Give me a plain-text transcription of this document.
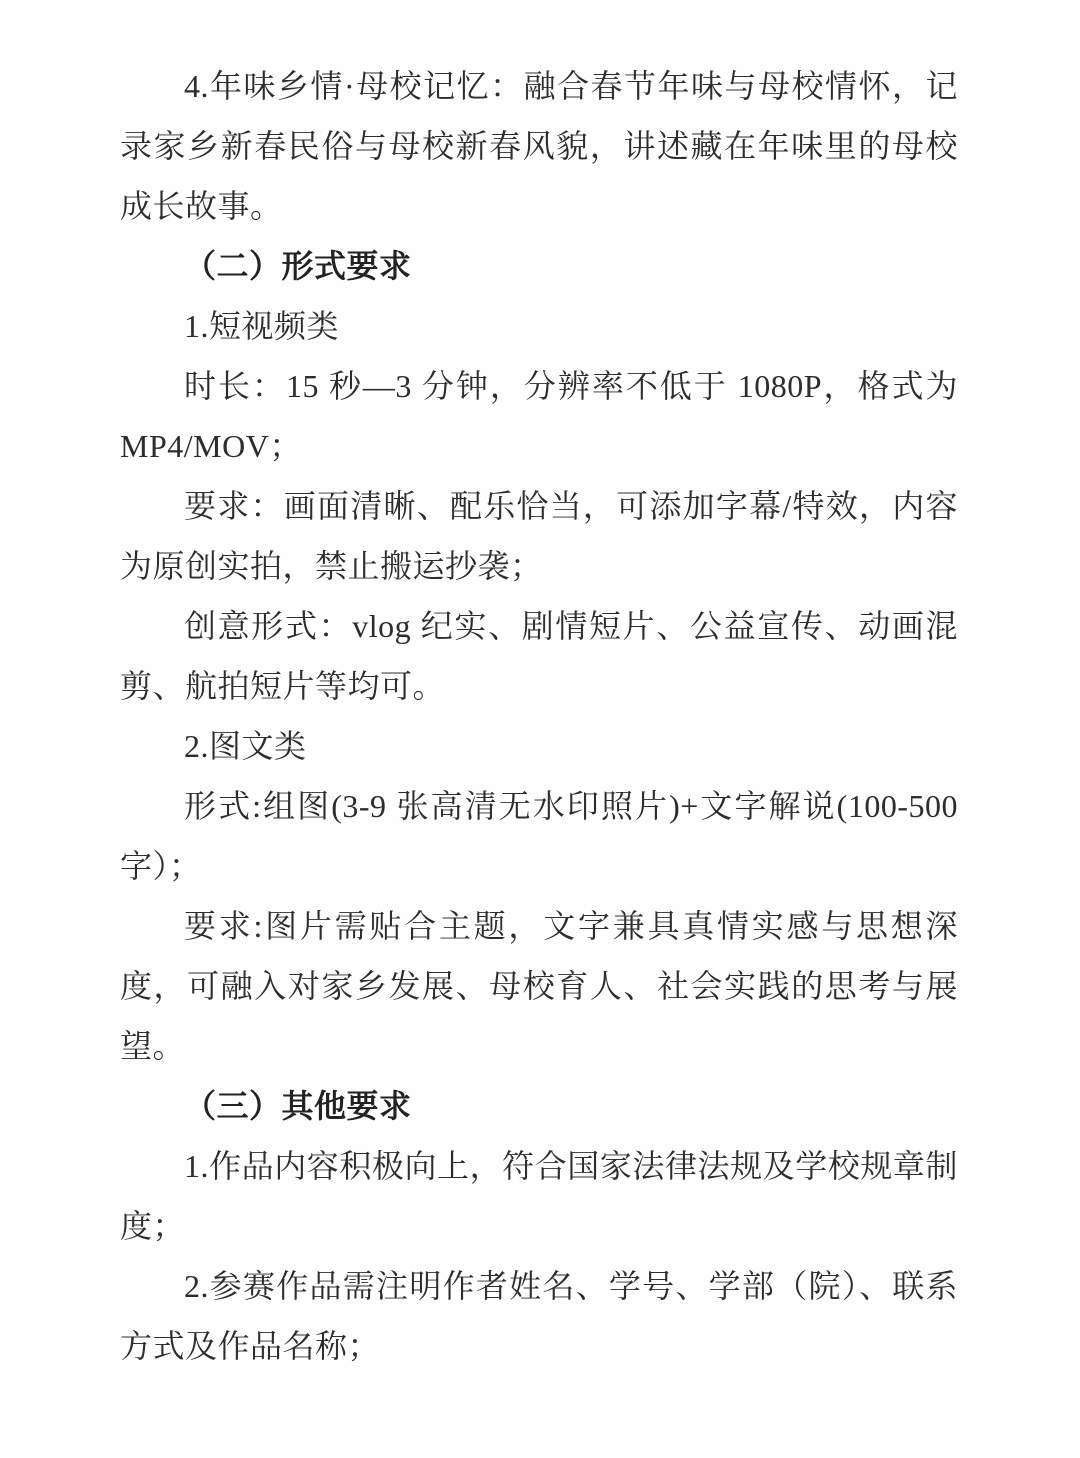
4.年味乡情·母校记忆：融合春节年味与母校情怀，记录家乡新春民俗与母校新春风貌，讲述藏在年味里的母校成长故事。

（二）形式要求

1.短视频类

时长：15 秒—3 分钟，分辨率不低于 1080P，格式为 MP4/MOV；

要求：画面清晰、配乐恰当，可添加字幕/特效，内容为原创实拍，禁止搬运抄袭；

创意形式：vlog 纪实、剧情短片、公益宣传、动画混剪、航拍短片等均可。

2.图文类

形式:组图(3-9 张高清无水印照片)+文字解说(100-500字）；

要求:图片需贴合主题，文字兼具真情实感与思想深度，可融入对家乡发展、母校育人、社会实践的思考与展望。

（三）其他要求

1.作品内容积极向上，符合国家法律法规及学校规章制度；

2.参赛作品需注明作者姓名、学号、学部（院）、联系方式及作品名称；
